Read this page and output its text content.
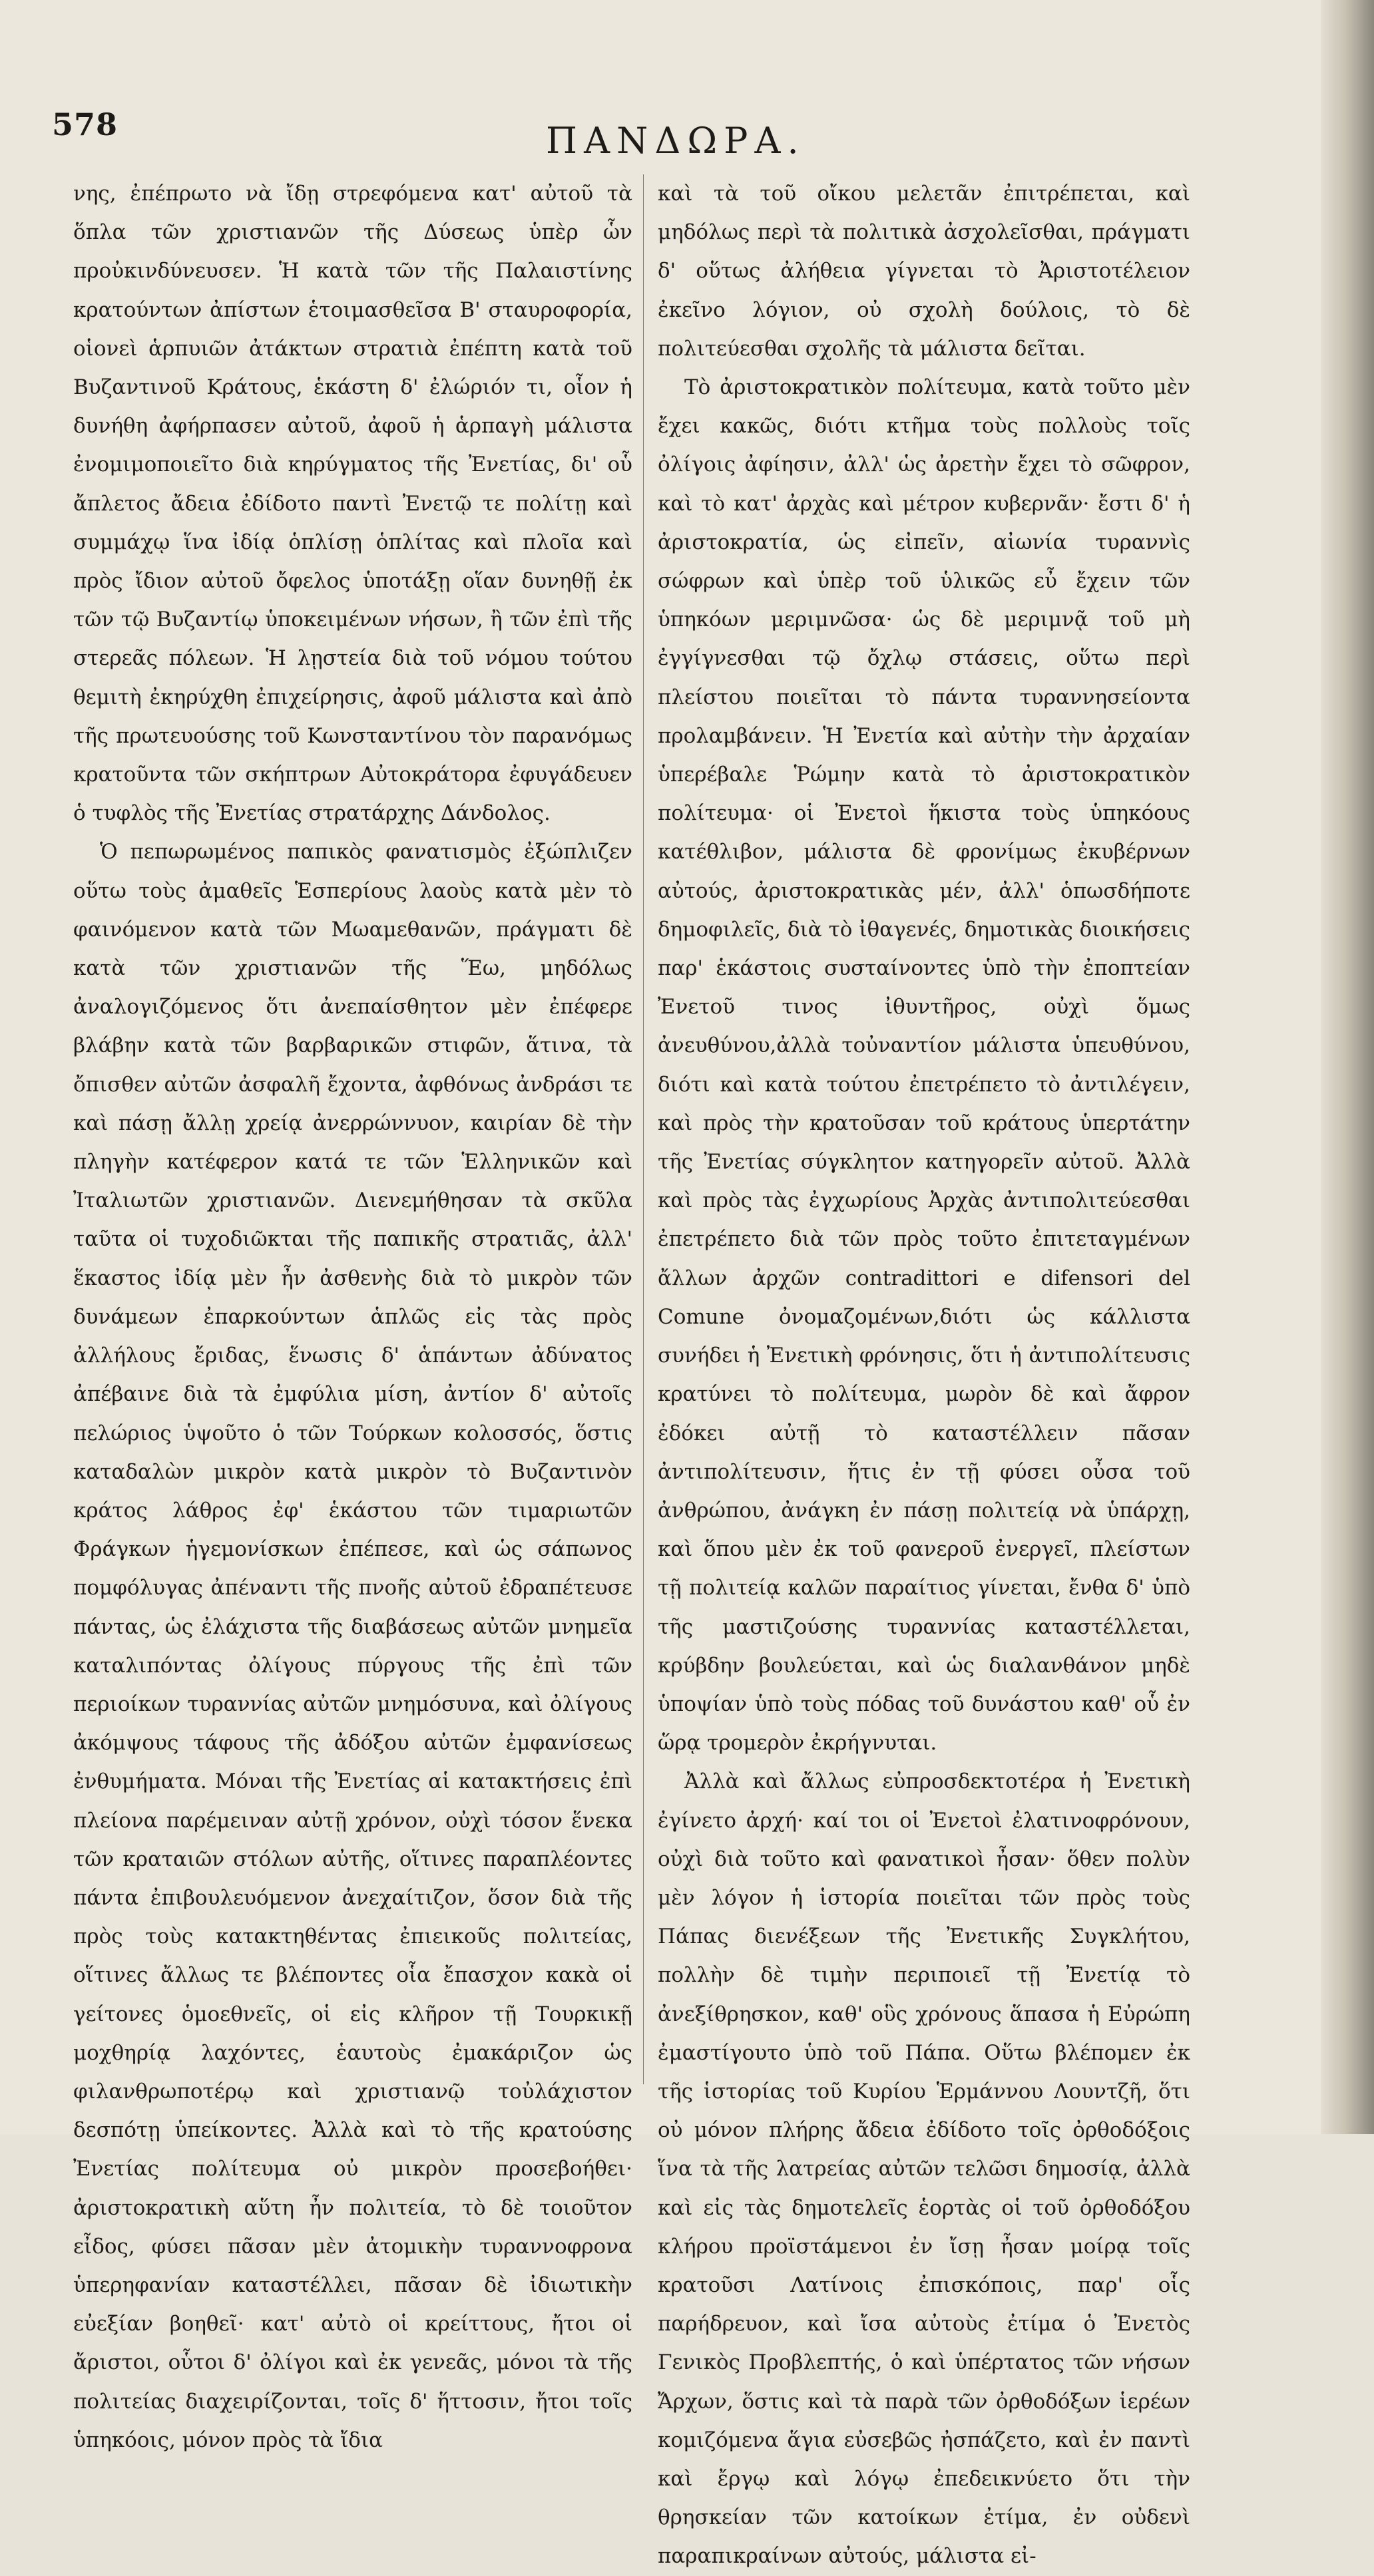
578	ΠΑΝΔΩΡΑ.

νης, ἐπέπρωτο νὰ ἴδῃ στρεφόμενα κατ' αὐτοῦ τὰ ὅπλα τῶν χριστιανῶν τῆς Δύσεως ὑπὲρ ὧν προὐκινδύνευσεν. Ἡ κατὰ τῶν τῆς Παλαιστίνης κρατούντων ἀπίστων ἑτοιμασθεῖσα Β' σταυροφορία, οἱονεὶ ἁρπυιῶν ἀτάκτων στρατιὰ ἐπέπτη κατὰ τοῦ Βυζαντινοῦ Κράτους, ἑκάστη δ' ἐλώριόν τι, οἷον ἡ δυνήθη ἀφήρπασεν αὐτοῦ, ἀφοῦ ἡ ἁρπαγὴ μάλιστα ἐνομιμοποιεῖτο διὰ κηρύγματος τῆς Ἐνετίας, δι' οὗ ἄπλετος ἄδεια ἐδίδοτο παντὶ Ἐνετῷ τε πολίτῃ καὶ συμμάχῳ ἵνα ἰδίᾳ ὁπλίσῃ ὁπλίτας καὶ πλοῖα καὶ πρὸς ἴδιον αὐτοῦ ὄφελος ὑποτάξῃ οἵαν δυνηθῇ ἐκ τῶν τῷ Βυζαντίῳ ὑποκειμένων νήσων, ἢ τῶν ἐπὶ τῆς στερεᾶς πόλεων. Ἡ λῃστεία διὰ τοῦ νόμου τούτου θεμιτὴ ἐκηρύχθη ἐπιχείρησις, ἀφοῦ μάλιστα καὶ ἀπὸ τῆς πρωτευούσης τοῦ Κωνσταντίνου τὸν παρανόμως κρατοῦντα τῶν σκήπτρων Αὐτοκράτορα ἐφυγάδευεν ὁ τυφλὸς τῆς Ἐνετίας στρατάρχης Δάνδολος.

Ὁ πεπωρωμένος παπικὸς φανατισμὸς ἐξώπλιζεν οὕτω τοὺς ἀμαθεῖς Ἑσπερίους λαοὺς κατὰ μὲν τὸ φαινόμενον κατὰ τῶν Μωαμεθανῶν, πράγματι δὲ κατὰ τῶν χριστιανῶν τῆς Ἕω, μηδόλως ἀναλογιζόμενος ὅτι ἀνεπαίσθητον μὲν ἐπέφερε βλάβην κατὰ τῶν βαρβαρικῶν στιφῶν, ἅτινα, τὰ ὄπισθεν αὐτῶν ἀσφαλῆ ἔχοντα, ἀφθόνως ἀνδράσι τε καὶ πάσῃ ἄλλῃ χρείᾳ ἀνερρώννυον, καιρίαν δὲ τὴν πληγὴν κατέφερον κατά τε τῶν Ἑλληνικῶν καὶ Ἰταλιωτῶν χριστιανῶν. Διενεμήθησαν τὰ σκῦλα ταῦτα οἱ τυχοδιῶκται τῆς παπικῆς στρατιᾶς, ἀλλ' ἕκαστος ἰδίᾳ μὲν ἦν ἀσθενὴς διὰ τὸ μικρὸν τῶν δυνάμεων ἐπαρκούντων ἁπλῶς εἰς τὰς πρὸς ἀλλήλους ἔριδας, ἕνωσις δ' ἁπάντων ἀδύνατος ἀπέβαινε διὰ τὰ ἐμφύλια μίση, ἀντίον δ' αὐτοῖς πελώριος ὑψοῦτο ὁ τῶν Τούρκων κολοσσός, ὅστις καταδαλὼν μικρὸν κατὰ μικρὸν τὸ Βυζαντινὸν κράτος λάθρος ἐφ' ἑκάστου τῶν τιμαριωτῶν Φράγκων ἡγεμονίσκων ἐπέπεσε, καὶ ὡς σάπωνος πομφόλυγας ἀπέναντι τῆς πνοῆς αὐτοῦ ἐδραπέτευσε πάντας, ὡς ἐλάχιστα τῆς διαβάσεως αὐτῶν μνημεῖα καταλιπόντας ὀλίγους πύργους τῆς ἐπὶ τῶν περιοίκων τυραννίας αὐτῶν μνημόσυνα, καὶ ὀλίγους ἀκόμψους τάφους τῆς ἀδόξου αὐτῶν ἐμφανίσεως ἐνθυμήματα. Μόναι τῆς Ἐνετίας αἱ κατακτήσεις ἐπὶ πλείονα παρέμειναν αὐτῇ χρόνον, οὐχὶ τόσον ἕνεκα τῶν κραταιῶν στόλων αὐτῆς, οἵτινες παραπλέοντες πάντα ἐπιβουλευόμενον ἀνεχαίτιζον, ὅσον διὰ τῆς πρὸς τοὺς κατακτηθέντας ἐπιεικοῦς πολιτείας, οἵτινες ἄλλως τε βλέποντες οἷα ἔπασχον κακὰ οἱ γείτονες ὁμοεθνεῖς, οἱ εἰς κλῆρον τῇ Τουρκικῇ μοχθηρίᾳ λαχόντες, ἑαυτοὺς ἐμακάριζον ὡς φιλανθρωποτέρῳ καὶ χριστιανῷ τοὐλάχιστον δεσπότῃ ὑπείκοντες. Ἀλλὰ καὶ τὸ τῆς κρατούσης Ἐνετίας πολίτευμα οὐ μικρὸν προσεβοήθει· ἀριστοκρατικὴ αὕτη ἦν πολιτεία, τὸ δὲ τοιοῦτον εἶδος, φύσει πᾶσαν μὲν ἀτομικὴν τυραννοφρονα ὑπερηφανίαν καταστέλλει, πᾶσαν δὲ ἰδιωτικὴν εὐεξίαν βοηθεῖ· κατ' αὐτὸ οἱ κρείττους, ἤτοι οἱ ἄριστοι, οὗτοι δ' ὀλίγοι καὶ ἐκ γενεᾶς, μόνοι τὰ τῆς πολιτείας διαχειρίζονται, τοῖς δ' ἥττοσιν, ἤτοι τοῖς ὑπηκόοις, μόνον πρὸς τὰ ἴδια

καὶ τὰ τοῦ οἴκου μελετᾶν ἐπιτρέπεται, καὶ μηδόλως περὶ τὰ πολιτικὰ ἀσχολεῖσθαι, πράγματι δ' οὕτως ἀλήθεια γίγνεται τὸ Ἀριστοτέλειον ἐκεῖνο λόγιον, οὐ σχολὴ δούλοις, τὸ δὲ πολιτεύεσθαι σχολῆς τὰ μάλιστα δεῖται.

Τὸ ἀριστοκρατικὸν πολίτευμα, κατὰ τοῦτο μὲν ἔχει κακῶς, διότι κτῆμα τοὺς πολλοὺς τοῖς ὀλίγοις ἀφίησιν, ἀλλ' ὡς ἀρετὴν ἔχει τὸ σῶφρον, καὶ τὸ κατ' ἀρχὰς καὶ μέτρον κυβερνᾶν· ἔστι δ' ἡ ἀριστοκρατία, ὡς εἰπεῖν, αἰωνία τυραννὶς σώφρων καὶ ὑπὲρ τοῦ ὑλικῶς εὖ ἔχειν τῶν ὑπηκόων μεριμνῶσα· ὡς δὲ μεριμνᾷ τοῦ μὴ ἐγγίγνεσθαι τῷ ὄχλῳ στάσεις, οὕτω περὶ πλείστου ποιεῖται τὸ πάντα τυραννησείοντα προλαμβάνειν. Ἡ Ἐνετία καὶ αὐτὴν τὴν ἀρχαίαν ὑπερέβαλε Ῥώμην κατὰ τὸ ἀριστοκρατικὸν πολίτευμα· οἱ Ἐνετοὶ ἥκιστα τοὺς ὑπηκόους κατέθλιβον, μάλιστα δὲ φρονίμως ἐκυβέρνων αὐτούς, ἀριστοκρατικὰς μέν, ἀλλ' ὁπωσδήποτε δημοφιλεῖς, διὰ τὸ ἰθαγενές, δημοτικὰς διοικήσεις παρ' ἑκάστοις συσταίνοντες ὑπὸ τὴν ἐποπτείαν Ἐνετοῦ τινος ἰθυντῆρος, οὐχὶ ὅμως ἀνευθύνου,ἀλλὰ τοὐναντίον μάλιστα ὑπευθύνου, διότι καὶ κατὰ τούτου ἐπετρέπετο τὸ ἀντιλέγειν, καὶ πρὸς τὴν κρατοῦσαν τοῦ κράτους ὑπερτάτην τῆς Ἐνετίας σύγκλητον κατηγορεῖν αὐτοῦ. Ἀλλὰ καὶ πρὸς τὰς ἐγχωρίους Ἀρχὰς ἀντιπολιτεύεσθαι ἐπετρέπετο διὰ τῶν πρὸς τοῦτο ἐπιτεταγμένων ἄλλων ἀρχῶν contradittori e difensori del Comune ὀνομαζομένων,διότι ὡς κάλλιστα συνήδει ἡ Ἐνετικὴ φρόνησις, ὅτι ἡ ἀντιπολίτευσις κρατύνει τὸ πολίτευμα, μωρὸν δὲ καὶ ἄφρον ἐδόκει αὐτῇ τὸ καταστέλλειν πᾶσαν ἀντιπολίτευσιν, ἥτις ἐν τῇ φύσει οὖσα τοῦ ἀνθρώπου, ἀνάγκη ἐν πάσῃ πολιτείᾳ νὰ ὑπάρχῃ, καὶ ὅπου μὲν ἐκ τοῦ φανεροῦ ἐνεργεῖ, πλείστων τῇ πολιτείᾳ καλῶν παραίτιος γίνεται, ἔνθα δ' ὑπὸ τῆς μαστιζούσης τυραννίας καταστέλλεται, κρύβδην βουλεύεται, καὶ ὡς διαλανθάνον μηδὲ ὑποψίαν ὑπὸ τοὺς πόδας τοῦ δυνάστου καθ' οὗ ἐν ὥρᾳ τρομερὸν ἐκρήγνυται.

Ἀλλὰ καὶ ἄλλως εὐπροσδεκτοτέρα ἡ Ἐνετικὴ ἐγίνετο ἀρχή· καί τοι οἱ Ἐνετοὶ ἐλατινοφρόνουν, οὐχὶ διὰ τοῦτο καὶ φανατικοὶ ἦσαν· ὅθεν πολὺν μὲν λόγον ἡ ἱστορία ποιεῖται τῶν πρὸς τοὺς Πάπας διενέξεων τῆς Ἐνετικῆς Συγκλήτου, πολλὴν δὲ τιμὴν περιποιεῖ τῇ Ἐνετίᾳ τὸ ἀνεξίθρησκον, καθ' οὓς χρόνους ἅπασα ἡ Εὐρώπη ἐμαστίγουτο ὑπὸ τοῦ Πάπα. Οὕτω βλέπομεν ἐκ τῆς ἱστορίας τοῦ Κυρίου Ἑρμάννου Λουντζῆ, ὅτι οὐ μόνον πλήρης ἄδεια ἐδίδοτο τοῖς ὀρθοδόξοις ἵνα τὰ τῆς λατρείας αὐτῶν τελῶσι δημοσίᾳ, ἀλλὰ καὶ εἰς τὰς δημοτελεῖς ἑορτὰς οἱ τοῦ ὀρθοδόξου κλήρου προϊστάμενοι ἐν ἴσῃ ἦσαν μοίρᾳ τοῖς κρατοῦσι Λατίνοις ἐπισκόποις, παρ' οἷς παρήδρευον, καὶ ἴσα αὐτοὺς ἐτίμα ὁ Ἐνετὸς Γενικὸς Προβλεπτής, ὁ καὶ ὑπέρτατος τῶν νήσων Ἄρχων, ὅστις καὶ τὰ παρὰ τῶν ὀρθοδόξων ἱερέων κομιζόμενα ἅγια εὐσεβῶς ἠσπάζετο, καὶ ἐν παντὶ καὶ ἔργῳ καὶ λόγῳ ἐπεδεικνύετο ὅτι τὴν θρησκείαν τῶν κατοίκων ἐτίμα, ἐν οὐδενὶ παραπικραίνων αὐτούς, μάλιστα εἰ-
